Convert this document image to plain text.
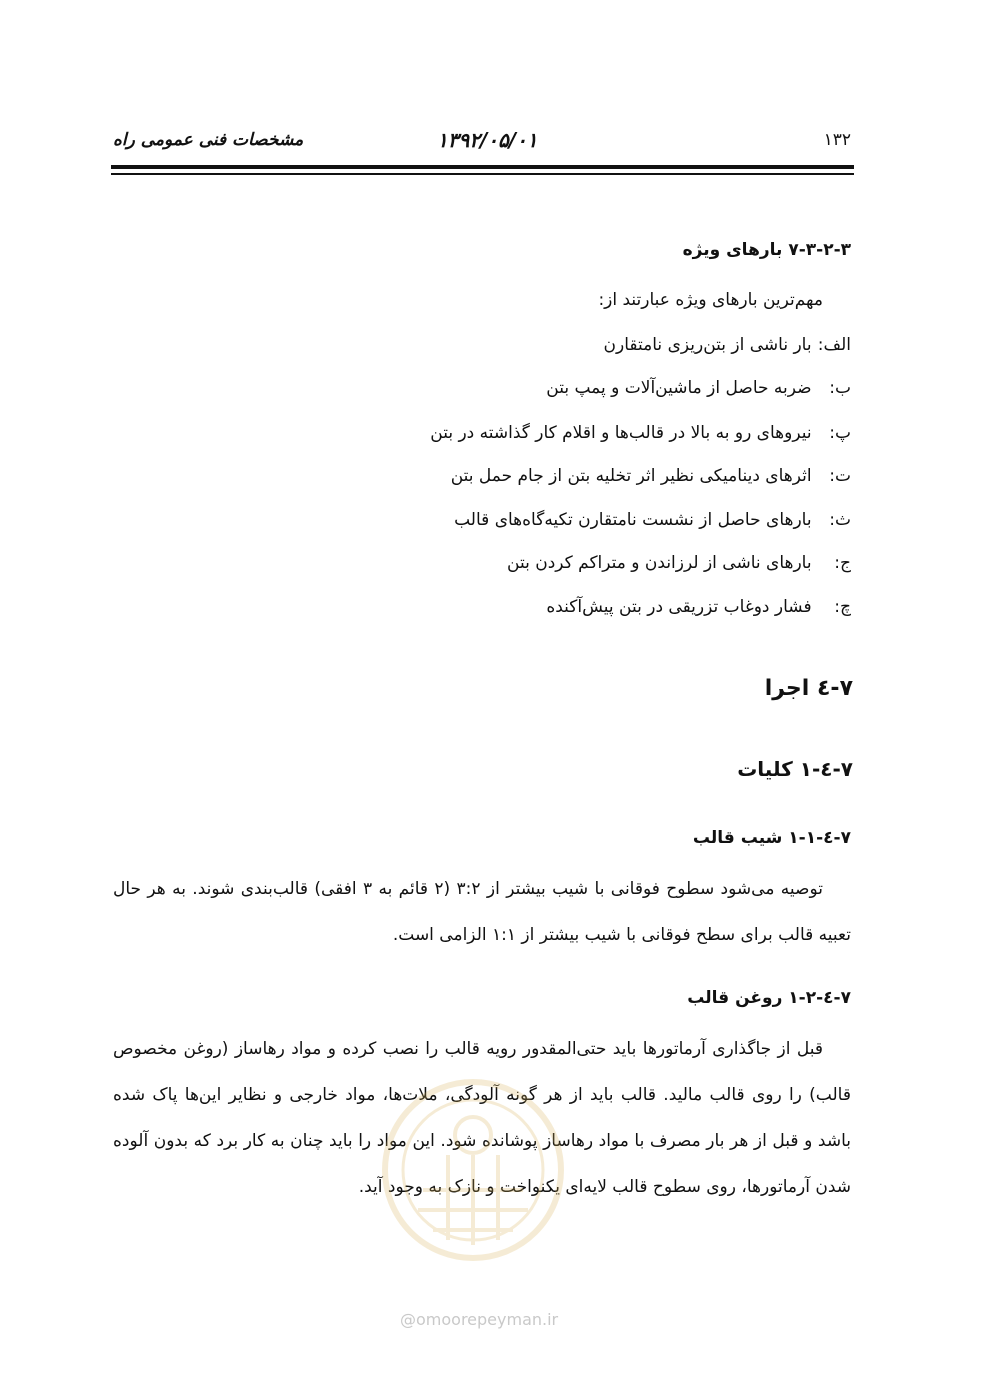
مشخصات فنی عمومی راه	۱۳۹۲/۰۵/۰۱	۱۳۲
۷-۳-۲-۳ بارهای ویژه
مهم‌ترین بارهای ویژه عبارتند از:
الف: بار ناشی از بتن‌ریزی نامتقارن
ب: ضربه حاصل از ماشین‌آلات و پمپ بتن
پ: نیروهای رو به بالا در قالب‌ها و اقلام کار گذاشته در بتن
ت: اثرهای دینامیکی نظیر اثر تخلیه بتن از جام حمل بتن
ث: بارهای حاصل از نشست نامتقارن تکیه‌گاه‌های قالب
ج: بارهای ناشی از لرزاندن و متراکم کردن بتن
چ: فشار دوغاب تزریقی در بتن پیش‌آکنده
۷-٤ اجرا
۷-٤-۱ کلیات
۷-٤-۱-۱ شیب قالب

توصیه می‌شود سطوح فوقانی با شیب بیشتر از ۳:۲ (۲ قائم به ۳ افقی) قالب‌بندی شوند. به هر حال تعبیه قالب برای سطح فوقانی با شیب بیشتر از ۱:۱ الزامی است.

۷-٤-۱-۲ روغن قالب

قبل از جاگذاری آرماتورها باید حتی‌المقدور رویه قالب را نصب کرده و مواد رهاساز (روغن مخصوص قالب) را روی قالب مالید. قالب باید از هر گونه آلودگی، ملات‌ها، مواد خارجی و نظایر این‌ها پاک شده باشد و قبل از هر بار مصرف با مواد رهاساز پوشانده شود. این مواد را باید چنان به کار برد که بدون آلوده شدن آرماتورها، روی سطوح قالب لایه‌ای یکنواخت و نازک به وجود آید.

@omoorepeyman.ir
